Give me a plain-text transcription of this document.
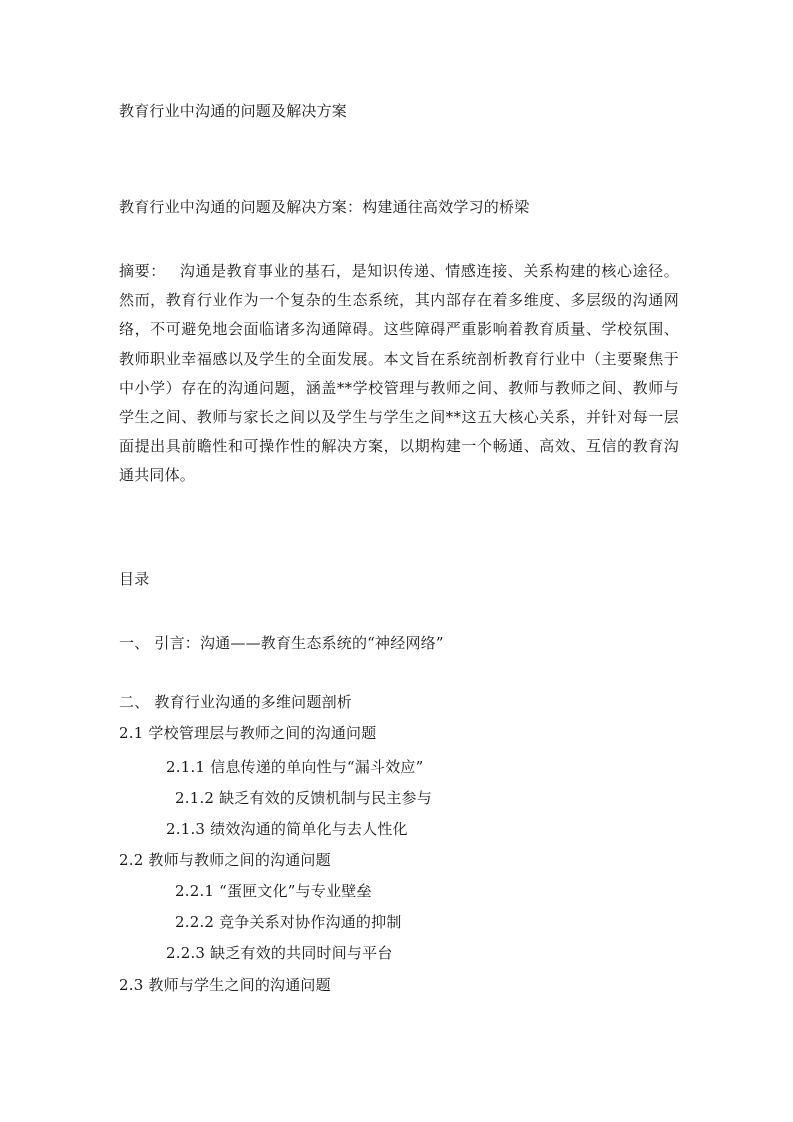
教育行业中沟通的问题及解决方案
教育行业中沟通的问题及解决方案：构建通往高效学习的桥梁
摘要： 沟通是教育事业的基石，是知识传递、情感连接、关系构建的核心途径。然而，教育行业作为一个复杂的生态系统，其内部存在着多维度、多层级的沟通网络，不可避免地会面临诸多沟通障碍。这些障碍严重影响着教育质量、学校氛围、教师职业幸福感以及学生的全面发展。本文旨在系统剖析教育行业中（主要聚焦于中小学）存在的沟通问题，涵盖**学校管理与教师之间、教师与教师之间、教师与学生之间、教师与家长之间以及学生与学生之间**这五大核心关系，并针对每一层面提出具前瞻性和可操作性的解决方案，以期构建一个畅通、高效、互信的教育沟通共同体。
目录
一、 引言：沟通——教育生态系统的“神经网络”
二、 教育行业沟通的多维问题剖析
2.1 学校管理层与教师之间的沟通问题
2.1.1 信息传递的单向性与“漏斗效应”
2.1.2 缺乏有效的反馈机制与民主参与
2.1.3 绩效沟通的简单化与去人性化
2.2 教师与教师之间的沟通问题
2.2.1 “蛋匣文化”与专业壁垒
2.2.2 竞争关系对协作沟通的抑制
2.2.3 缺乏有效的共同时间与平台
2.3 教师与学生之间的沟通问题
